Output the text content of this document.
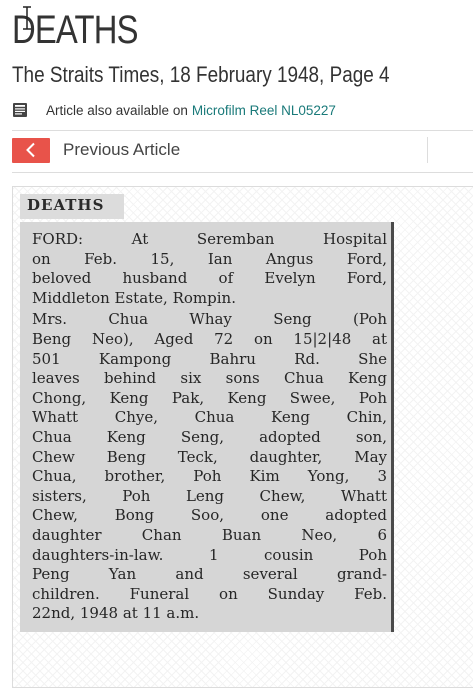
DEATHS
The Straits Times, 18 February 1948, Page 4
Article also available on Microfilm Reel NL05227
Previous Article
DEATHS

FORD: At Seremban Hospital
on Feb. 15, Ian Angus Ford,
beloved husband of Evelyn Ford,
Middleton Estate, Rompin.

Mrs. Chua Whay Seng (Poh
Beng Neo), Aged 72 on 15|2|48 at
501 Kampong Bahru Rd. She
leaves behind six sons Chua Keng
Chong, Keng Pak, Keng Swee, Poh
Whatt Chye, Chua Keng Chin,
Chua Keng Seng, adopted son,
Chew Beng Teck, daughter, May
Chua, brother, Poh Kim Yong, 3
sisters, Poh Leng Chew, Whatt
Chew, Bong Soo, one adopted
daughter Chan Buan Neo, 6
daughters-in-law. 1 cousin Poh
Peng Yan and several grand-
children. Funeral on Sunday Feb.
22nd, 1948 at 11 a.m.
